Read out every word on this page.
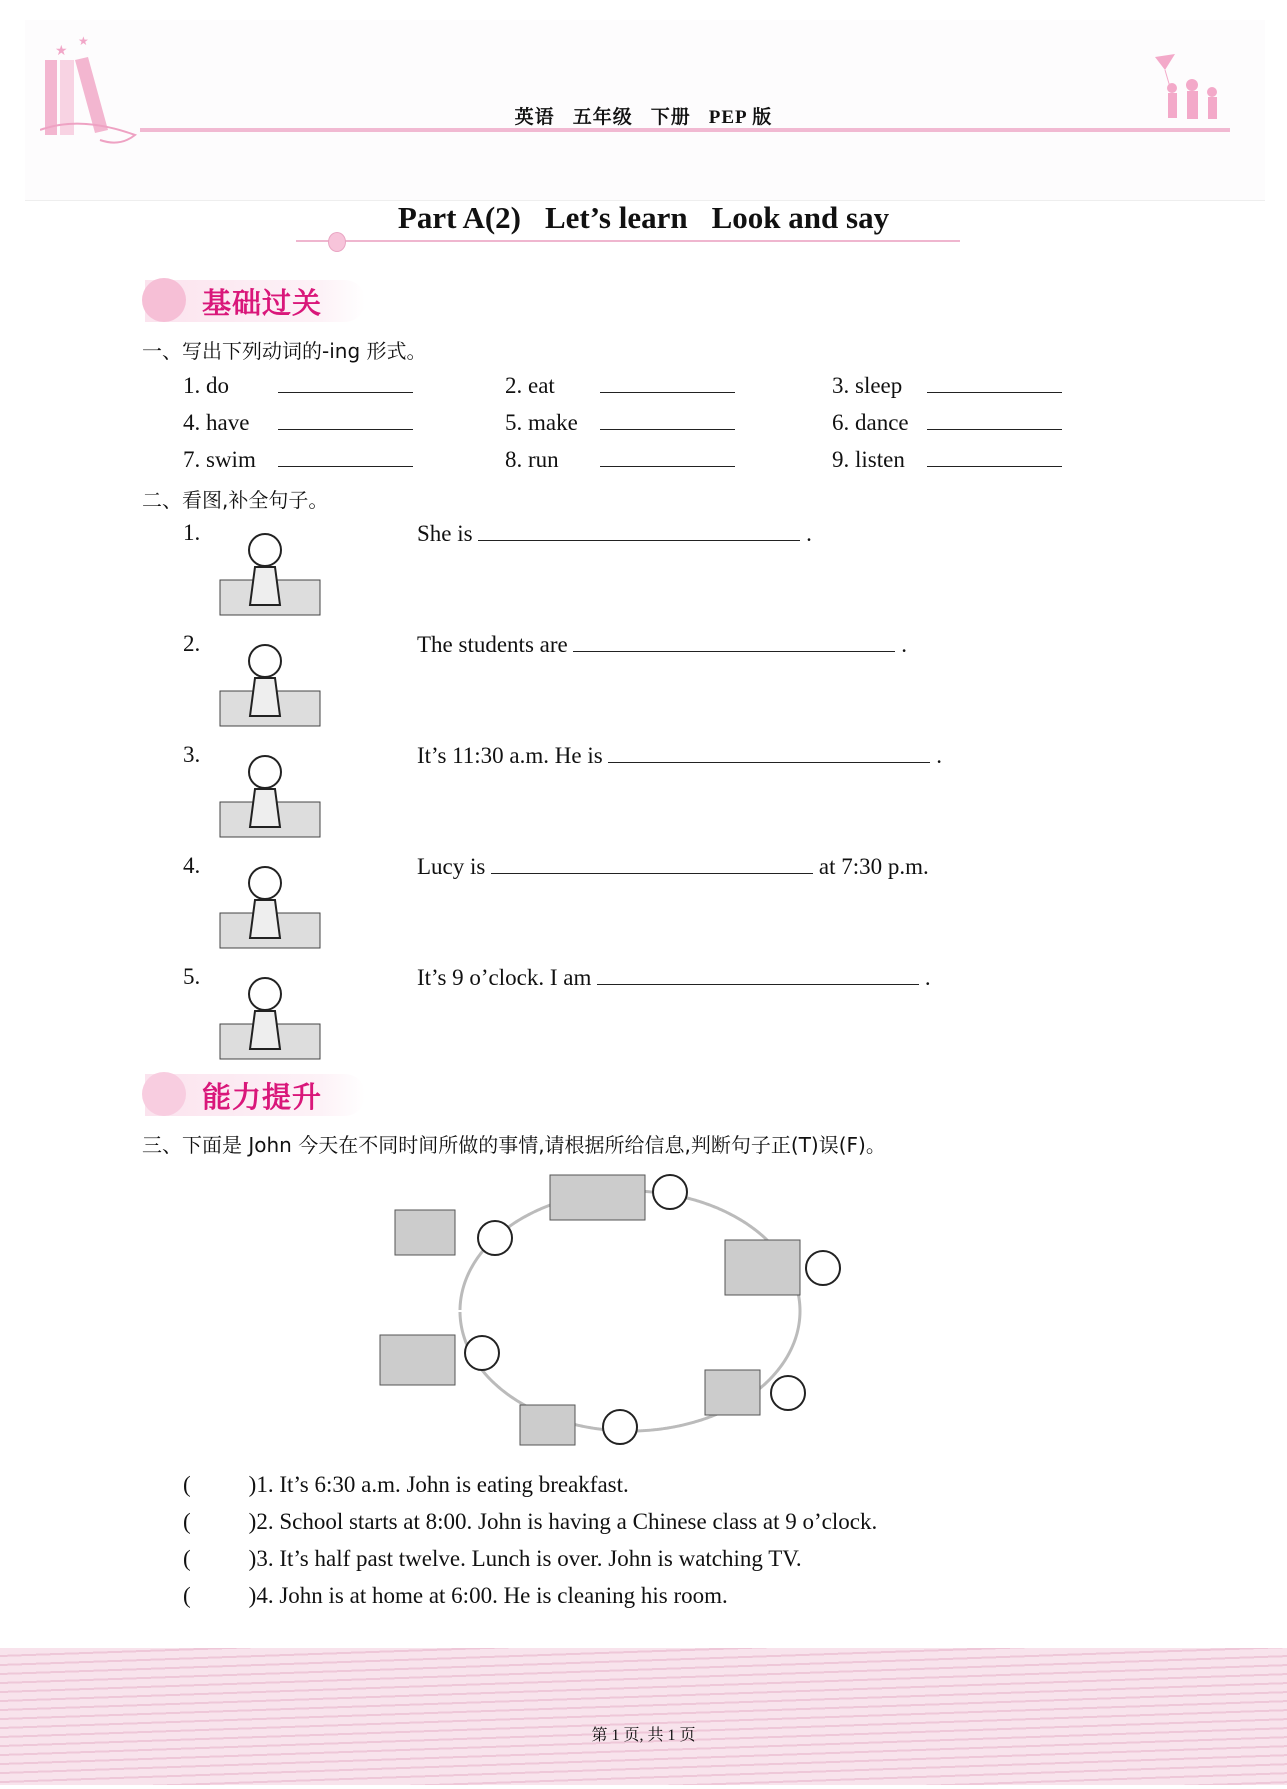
★
★
英语 五年级 下册 PEP 版
Part A(2) Let’s learn Look and say
基础过关
一、写出下列动词的-ing 形式。
1. do	2. eat	3. sleep
4. have	5. make	6. dance
7. swim	8. run	9. listen
二、看图,补全句子。
1.	She is	.
2.	The students are	.
3.	It’s 11:30 a.m. He is	.
4.	Lucy is	at 7:30 p.m.
5.	It’s 9 o’clock. I am	.
能力提升
三、下面是 John 今天在不同时间所做的事情,请根据所给信息,判断句子正(T)误(F)。
(	)1. It’s 6:30 a.m. John is eating breakfast.
(	)2. School starts at 8:00. John is having a Chinese class at 9 o’clock.
(	)3. It’s half past twelve. Lunch is over. John is watching TV.
(	)4. John is at home at 6:00. He is cleaning his room.
第 1 页, 共 1 页
